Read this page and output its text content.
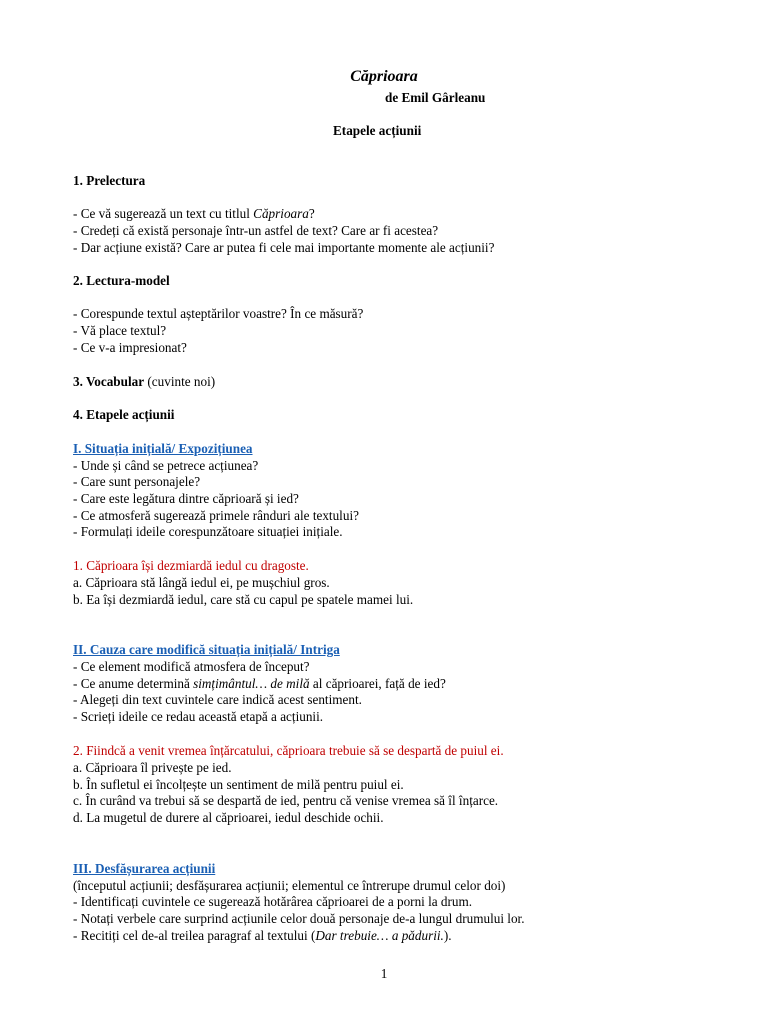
Căprioara
de Emil Gârleanu
Etapele acțiunii
1. Prelectura
- Ce vă sugerează un text cu titlul Căprioara?
- Credeți că există personaje într-un astfel de text? Care ar fi acestea?
- Dar acțiune există? Care ar putea fi cele mai importante momente ale acțiunii?
2. Lectura-model
- Corespunde textul așteptărilor voastre? În ce măsură?
- Vă place textul?
- Ce v-a impresionat?
3. Vocabular (cuvinte noi)
4. Etapele acțiunii
I. Situația inițială/ Expozițiunea
- Unde și când se petrece acțiunea?
- Care sunt personajele?
- Care este legătura dintre căprioară și ied?
- Ce atmosferă sugerează primele rânduri ale textului?
- Formulați ideile corespunzătoare situației inițiale.
1. Căprioara își dezmiardă iedul cu dragoste.
a. Căprioara stă lângă iedul ei, pe mușchiul gros.
b. Ea își dezmiardă iedul, care stă cu capul pe spatele mamei lui.
II. Cauza care modifică situația inițială/ Intriga
- Ce element modifică atmosfera de început?
- Ce anume determină simțimântul… de milă al căprioarei, față de ied?
- Alegeți din text cuvintele care indică acest sentiment.
- Scrieți ideile ce redau această etapă a acțiunii.
2. Fiindcă a venit vremea înțărcatului, căprioara trebuie să se despartă de puiul ei.
a. Căprioara îl privește pe ied.
b. În sufletul ei încolțește un sentiment de milă pentru puiul ei.
c. În curând va trebui să se despartă de ied, pentru că venise vremea să îl înțarce.
d. La mugetul de durere al căprioarei, iedul deschide ochii.
III. Desfășurarea acțiunii
(începutul acțiunii; desfășurarea acțiunii; elementul ce întrerupe drumul celor doi)
- Identificați cuvintele ce sugerează hotărârea căprioarei de a porni la drum.
- Notați verbele care surprind acțiunile celor două personaje de-a lungul drumului lor.
- Recitiți cel de-al treilea paragraf al textului (Dar trebuie… a pădurii.).
1
